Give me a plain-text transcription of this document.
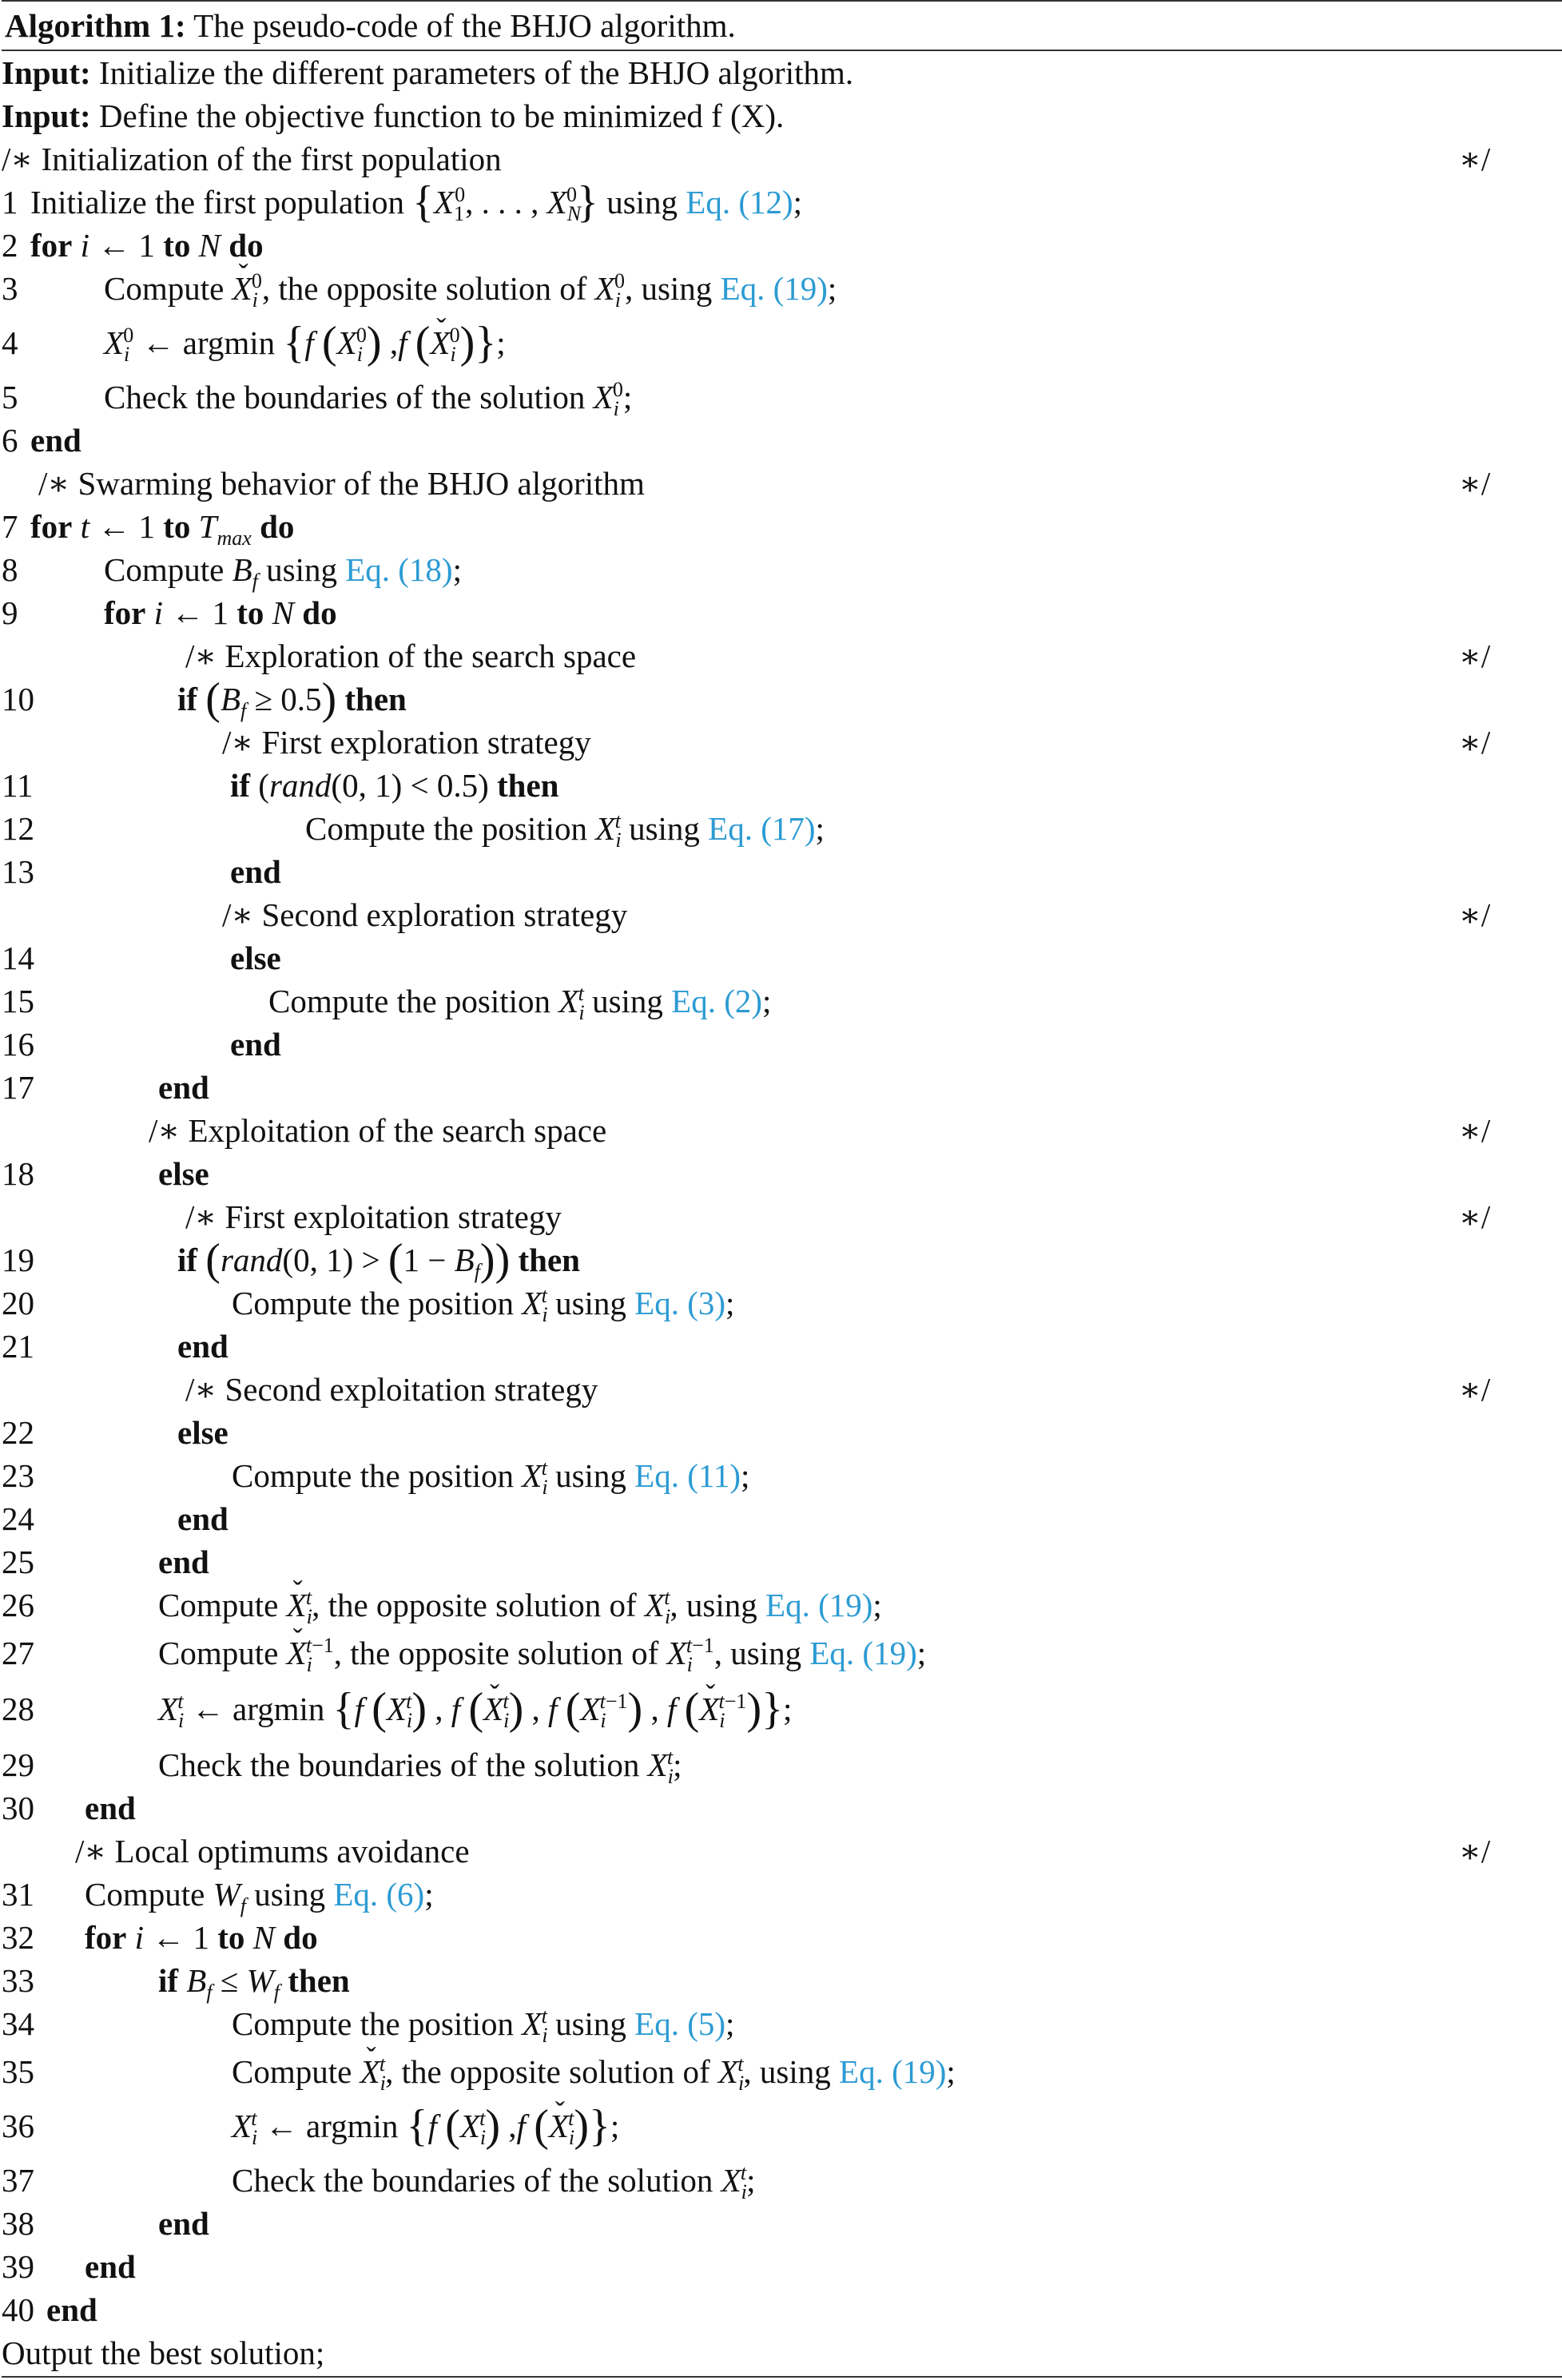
Algorithm 1: The pseudo-code of the BHJO algorithm.
Input: Initialize the different parameters of the BHJO algorithm.
Input: Define the objective function to be minimized f (X).
/∗ Initialization of the first population	∗/
1 Initialize the first population {$X_1^0$, . . . , $X_N^0$} using Eq. (12);
2 for i ← 1 to N do
3	Compute ˇ $X_i^0$, the opposite solution of $X_i^0$, using Eq. (19);
4	$X_i^0$ ← argmin {f $(X_i^0)$ ,f (ˇ $X_i^0$)};
5	Check the boundaries of the solution $X_i^0$;
6 end
/∗ Swarming behavior of the BHJO algorithm	∗/
7 for t ← 1 to $T_{max}$ do
8	Compute $B_f$ using Eq. (18);
9	for i ← 1 to N do
/∗ Exploration of the search space	∗/
10	if $(B_f \ge 0.5)$ then
/∗ First exploration strategy	∗/
11	if (rand(0, 1) < 0.5) then
12	Compute the position $X_i^t$ using Eq. (17);
13	end
/∗ Second exploration strategy	∗/
14	else
15	Compute the position $X_i^t$ using Eq. (2);
16	end
17	end
/∗ Exploitation of the search space	∗/
18	else
/∗ First exploitation strategy	∗/
19	if (rand(0, $1) > (1 - B_f)$) then
20	Compute the position $X_i^t$ using Eq. (3);
21	end
/∗ Second exploitation strategy	∗/
22	else
23	Compute the position $X_i^t$ using Eq. (11);
24	end
25	end
26	Compute ˇ $X_i^t$, the opposite solution of $X_i^t$, using Eq. (19);
27	Compute ˇ $X_i^{t-1}$, the opposite solution of $X_i^{t-1}$, using Eq. (19);
28	$X_i^t$ ← argmin {f $(X_i^t)$ , f (ˇ $X_i^t$) , f $(X_i^{t-1})$ , f (ˇ $X_i^{t-1}$)};
29	Check the boundaries of the solution $X_i^t$;
30 end
/∗ Local optimums avoidance	∗/
31 Compute $W_f$ using Eq. (6);
32 for i ← 1 to N do
33	if $B_f \le W_f$ then
34	Compute the position $X_i^t$ using Eq. (5);
35	Compute ˇ $X_i^t$, the opposite solution of $X_i^t$, using Eq. (19);
36	$X_i^t$ ← argmin {f $(X_i^t)$ ,f (ˇ $X_i^t$)};
37	Check the boundaries of the solution $X_i^t$;
38	end
39 end
40 end
Output the best solution;
